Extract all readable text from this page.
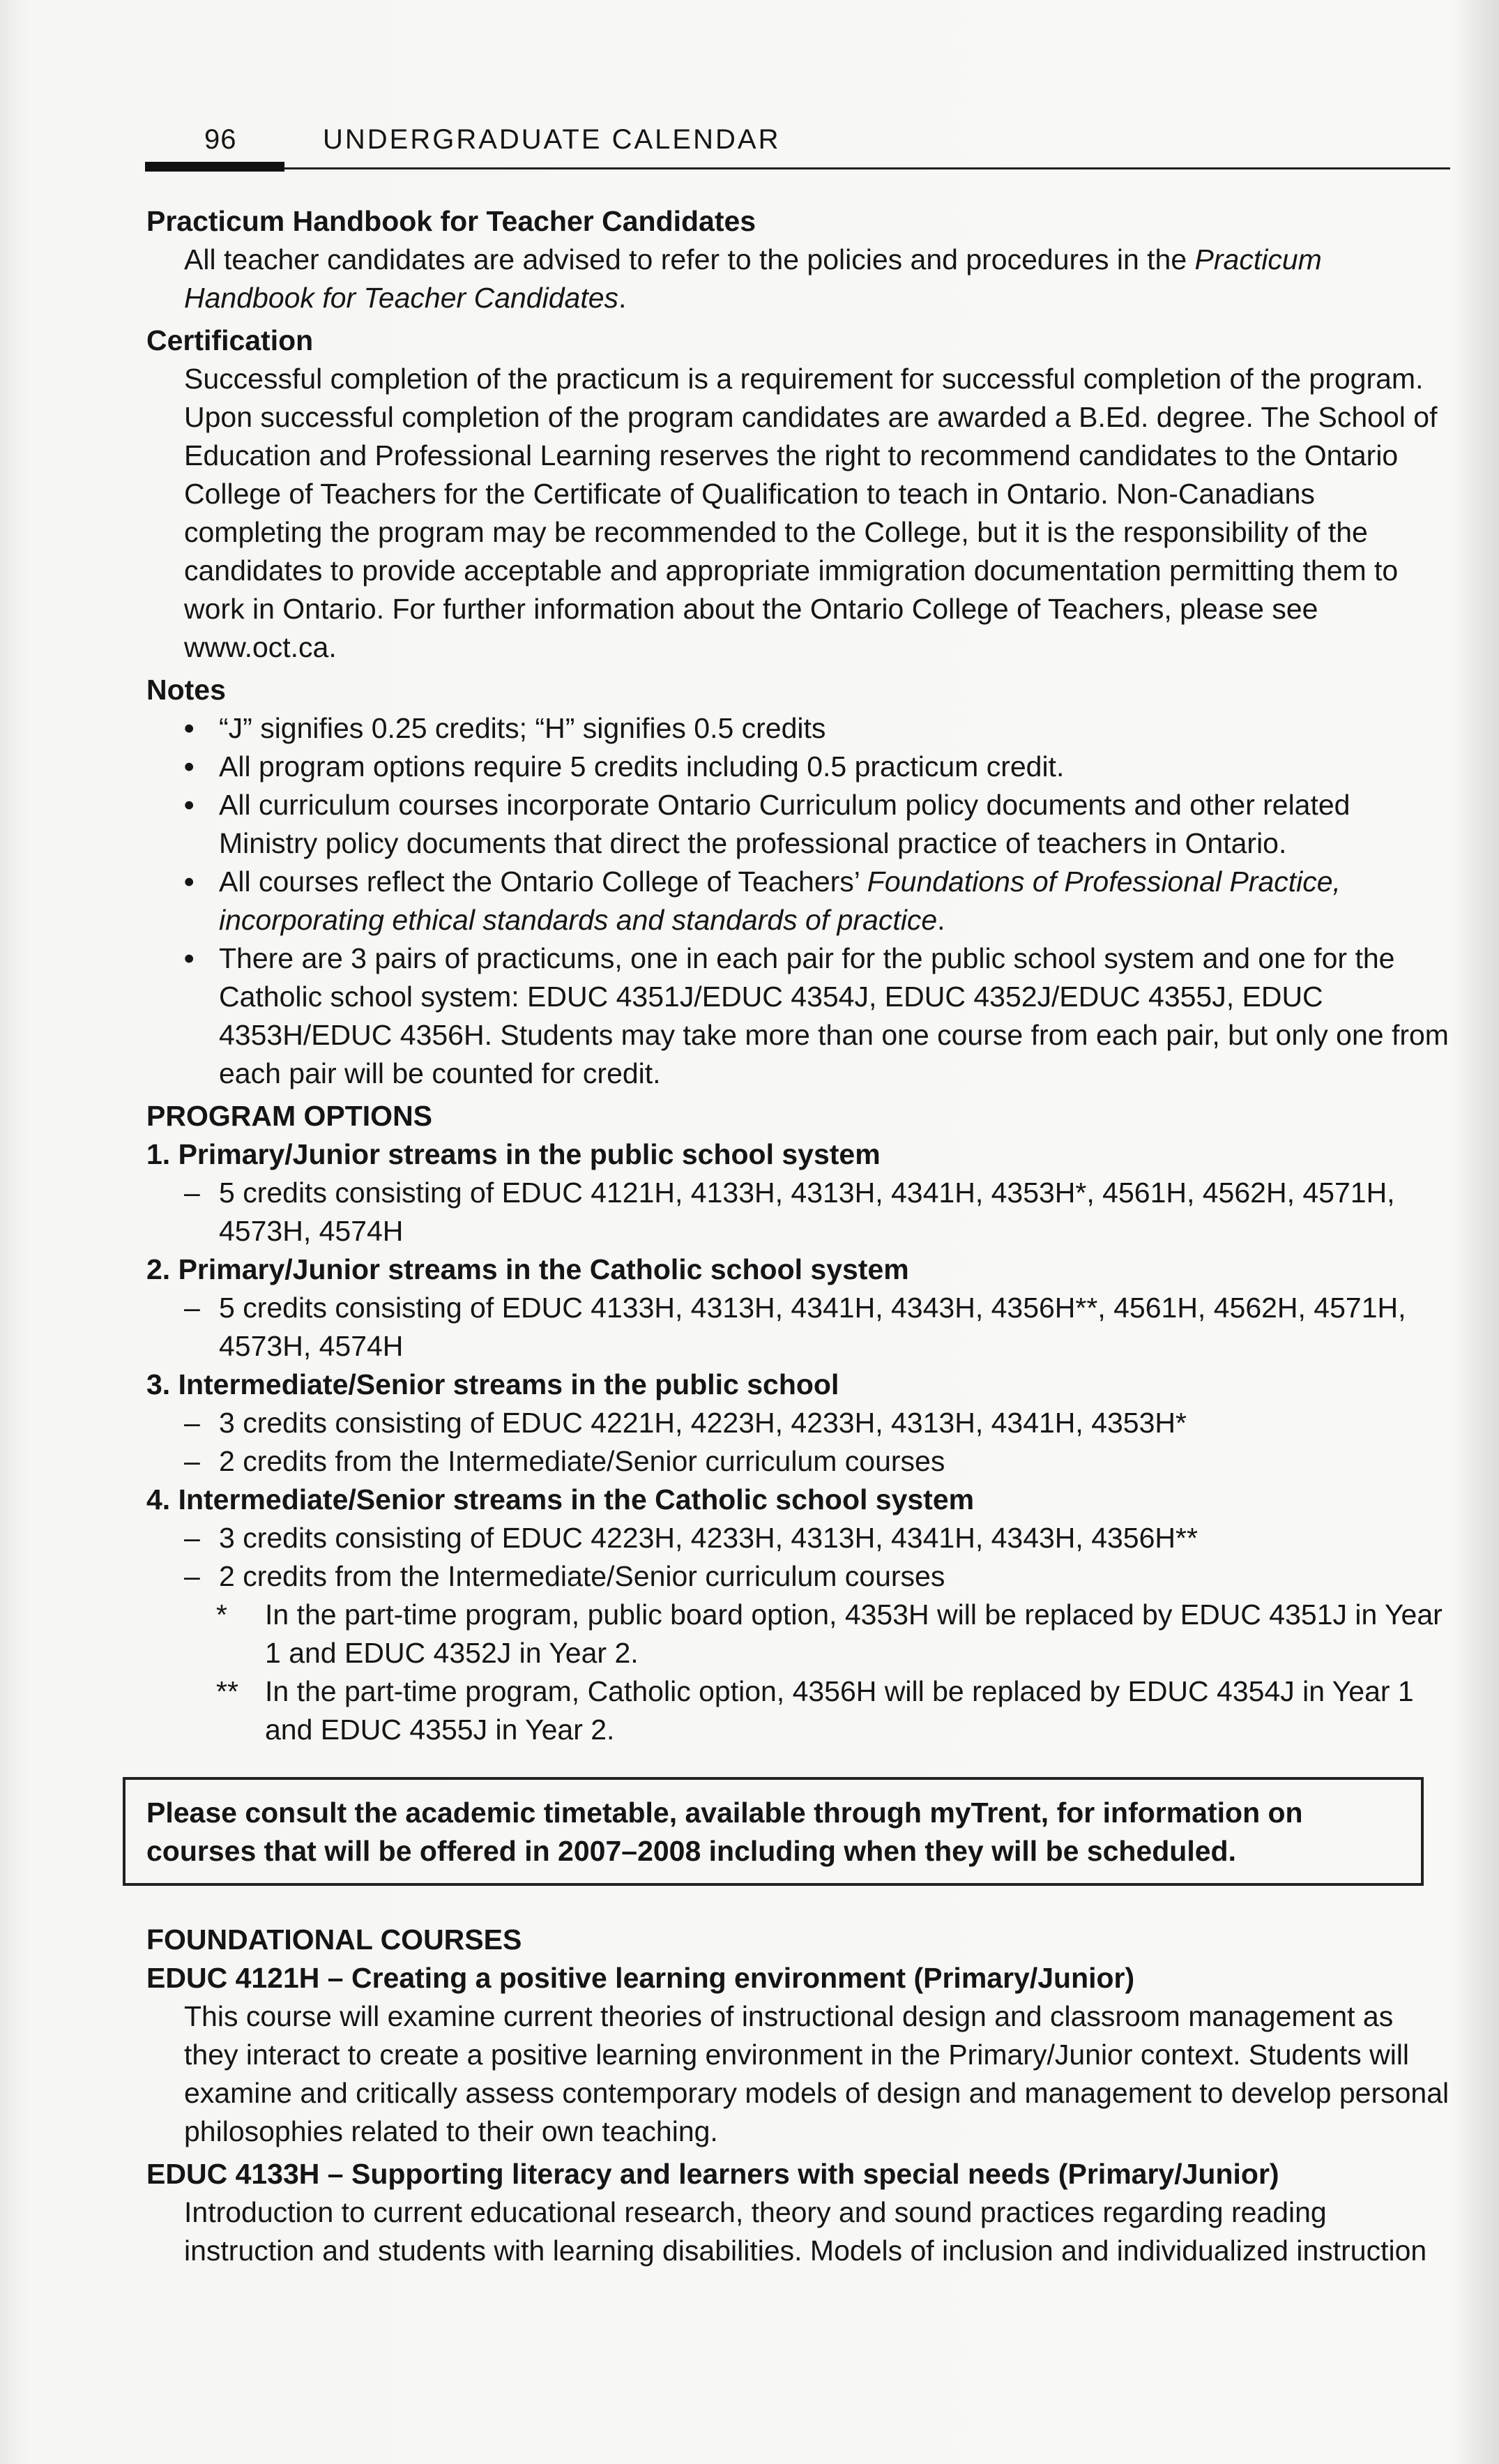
96	UNDERGRADUATE CALENDAR
Practicum Handbook for Teacher Candidates
All teacher candidates are advised to refer to the policies and procedures in the Practicum Handbook for Teacher Candidates.
Certification
Successful completion of the practicum is a requirement for successful completion of the program. Upon successful completion of the program candidates are awarded a B.Ed. degree. The School of Education and Professional Learning reserves the right to recommend candidates to the Ontario College of Teachers for the Certificate of Qualification to teach in Ontario. Non-Canadians completing the program may be recommended to the College, but it is the responsibility of the candidates to provide acceptable and appropriate immigration documentation permitting them to work in Ontario. For further information about the Ontario College of Teachers, please see www.oct.ca.
Notes
• “J” signifies 0.25 credits; “H” signifies 0.5 credits
• All program options require 5 credits including 0.5 practicum credit.
• All curriculum courses incorporate Ontario Curriculum policy documents and other related Ministry policy documents that direct the professional practice of teachers in Ontario.
• All courses reflect the Ontario College of Teachers’ Foundations of Professional Practice, incorporating ethical standards and standards of practice.
• There are 3 pairs of practicums, one in each pair for the public school system and one for the Catholic school system: EDUC 4351J/EDUC 4354J, EDUC 4352J/EDUC 4355J, EDUC 4353H/EDUC 4356H. Students may take more than one course from each pair, but only one from each pair will be counted for credit.
PROGRAM OPTIONS
1. Primary/Junior streams in the public school system
– 5 credits consisting of EDUC 4121H, 4133H, 4313H, 4341H, 4353H*, 4561H, 4562H, 4571H, 4573H, 4574H
2. Primary/Junior streams in the Catholic school system
– 5 credits consisting of EDUC 4133H, 4313H, 4341H, 4343H, 4356H**, 4561H, 4562H, 4571H, 4573H, 4574H
3. Intermediate/Senior streams in the public school
– 3 credits consisting of EDUC 4221H, 4223H, 4233H, 4313H, 4341H, 4353H*
– 2 credits from the Intermediate/Senior curriculum courses
4. Intermediate/Senior streams in the Catholic school system
– 3 credits consisting of EDUC 4223H, 4233H, 4313H, 4341H, 4343H, 4356H**
– 2 credits from the Intermediate/Senior curriculum courses
*	In the part-time program, public board option, 4353H will be replaced by EDUC 4351J in Year 1 and EDUC 4352J in Year 2.
** In the part-time program, Catholic option, 4356H will be replaced by EDUC 4354J in Year 1 and EDUC 4355J in Year 2.
Please consult the academic timetable, available through myTrent, for information on courses that will be offered in 2007–2008 including when they will be scheduled.
FOUNDATIONAL COURSES
EDUC 4121H – Creating a positive learning environment (Primary/Junior)
This course will examine current theories of instructional design and classroom management as they interact to create a positive learning environment in the Primary/Junior context. Students will examine and critically assess contemporary models of design and management to develop personal philosophies related to their own teaching.
EDUC 4133H – Supporting literacy and learners with special needs (Primary/Junior)
Introduction to current educational research, theory and sound practices regarding reading instruction and students with learning disabilities. Models of inclusion and individualized instruction
